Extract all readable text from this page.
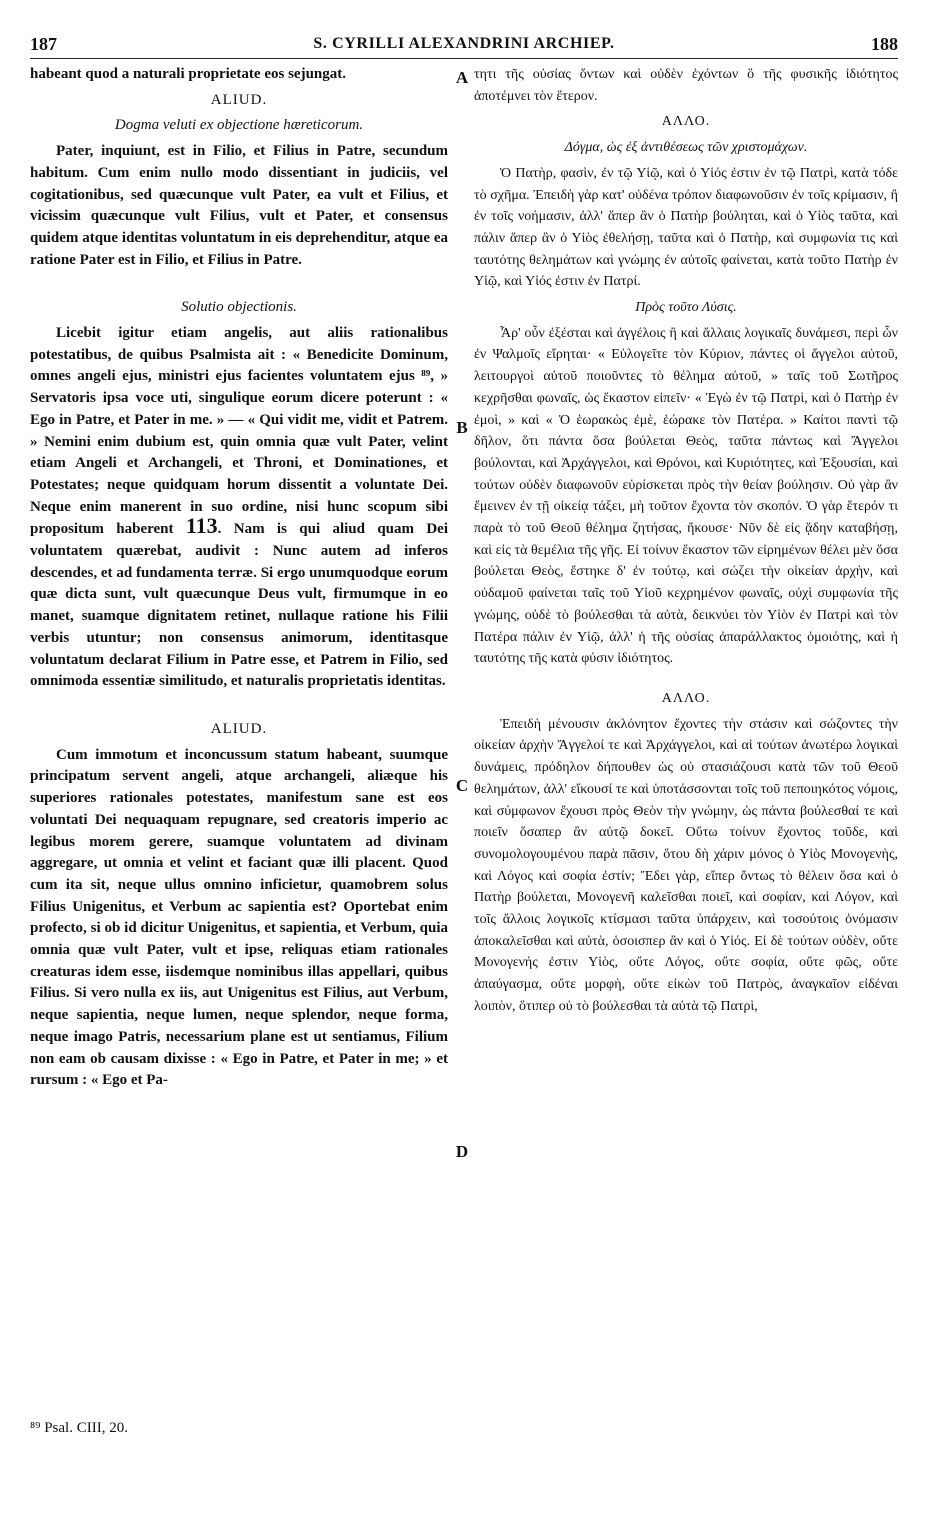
187	S. CYRILLI ALEXANDRINI ARCHIEP.	188

habeant quod a naturali proprietate eos sejungat.

ALIUD.

Dogma veluti ex objectione hæreticorum.

Pater, inquiunt, est in Filio, et Filius in Patre, secundum habitum. Cum enim nullo modo dissentiant in judiciis, vel cogitationibus, sed quæcunque vult Pater, ea vult et Filius, et vicissim quæcunque vult Filius, vult et Pater, et consensus quidem atque identitas voluntatum in eis deprehenditur, atque ea ratione Pater est in Filio, et Filius in Patre.

Solutio objectionis.

Licebit igitur etiam angelis, aut aliis rationalibus potestatibus, de quibus Psalmista ait : « Benedicite Dominum, omnes angeli ejus, ministri ejus facientes voluntatem ejus ⁸⁹, » Servatoris ipsa voce uti, singulique eorum dicere poterunt : « Ego in Patre, et Pater in me. » — « Qui vidit me, vidit et Patrem. » Nemini enim dubium est, quin omnia quæ vult Pater, velint etiam Angeli et Archangeli, et Throni, et Dominationes, et Potestates; neque quidquam horum dissentit a voluntate Dei. Neque enim manerent in suo ordine, nisi hunc scopum sibi propositum haberent 113. Nam is qui aliud quam Dei voluntatem quærebat, audivit : Nunc autem ad inferos descendes, et ad fundamenta terræ. Si ergo unumquodque eorum quæ dicta sunt, vult quæcunque Deus vult, firmumque in eo manet, suamque dignitatem retinet, nullaque ratione his Filii verbis utuntur; non consensus animorum, identitasque voluntatum declarat Filium in Patre esse, et Patrem in Filio, sed omnimoda essentiæ similitudo, et naturalis proprietatis identitas.

ALIUD.

Cum immotum et inconcussum statum habeant, suumque principatum servent angeli, atque archangeli, aliæque his superiores rationales potestates, manifestum sane est eos voluntati Dei nequaquam repugnare, sed creatoris imperio ac legibus morem gerere, suamque voluntatem ad divinam aggregare, ut omnia et velint et faciant quæ illi placent. Quod cum ita sit, neque ullus omnino inficietur, quamobrem solus Filius Unigenitus, et Verbum ac sapientia est? Oportebat enim profecto, si ob id dicitur Unigenitus, et sapientia, et Verbum, quia omnia quæ vult Pater, vult et ipse, reliquas etiam rationales creaturas idem esse, iisdemque nominibus illas appellari, quibus Filius. Si vero nulla ex iis, aut Unigenitus est Filius, aut Verbum, neque sapientia, neque lumen, neque splendor, neque forma, neque imago Patris, necessarium plane est ut sentiamus, Filium non eam ob causam dixisse : « Ego in Patre, et Pater in me; » et rursum : « Ego et Pa-

A
B
C
D

τητι τῆς οὐσίας ὄντων καὶ οὐδὲν ἐχόντων ὃ τῆς φυσικῆς ἰδιότητος ἀποτέμνει τὸν ἕτερον.

ΑΛΛΟ.

Δόγμα, ὡς ἐξ ἀντιθέσεως τῶν χριστομάχων.

Ὁ Πατὴρ, φασὶν, ἐν τῷ Υἱῷ, καὶ ὁ Υἱός ἐστιν ἐν τῷ Πατρὶ, κατὰ τόδε τὸ σχῆμα. Ἐπειδὴ γὰρ κατ' οὐδένα τρόπον διαφωνοῦσιν ἐν τοῖς κρίμασιν, ἢ ἐν τοῖς νοήμασιν, ἀλλ' ἅπερ ἂν ὁ Πατὴρ βούληται, καὶ ὁ Υἱὸς ταῦτα, καὶ πάλιν ἅπερ ἂν ὁ Υἱὸς ἐθελήσῃ, ταῦτα καὶ ὁ Πατὴρ, καὶ συμφωνία τις καὶ ταυτότης θελημάτων καὶ γνώμης ἐν αὐτοῖς φαίνεται, κατὰ τοῦτο Πατὴρ ἐν Υἱῷ, καὶ Υἱός ἐστιν ἐν Πατρί.

Πρὸς τοῦτο Λύσις.

Ἆρ' οὖν ἐξέσται καὶ ἀγγέλοις ἢ καὶ ἄλλαις λογικαῖς δυνάμεσι, περὶ ὧν ἐν Ψαλμοῖς εἴρηται· « Εὐλογεῖτε τὸν Κύριον, πάντες οἱ ἄγγελοι αὐτοῦ, λειτουργοὶ αὐτοῦ ποιοῦντες τὸ θέλημα αὐτοῦ, » ταῖς τοῦ Σωτῆρος κεχρῆσθαι φωναῖς, ὡς ἕκαστον εἰπεῖν· « Ἐγὼ ἐν τῷ Πατρὶ, καὶ ὁ Πατὴρ ἐν ἐμοὶ, » καὶ « Ὁ ἑωρακὼς ἐμὲ, ἑώρακε τὸν Πατέρα. » Καίτοι παντὶ τῷ δῆλον, ὅτι πάντα ὅσα βούλεται Θεὸς, ταῦτα πάντως καὶ Ἄγγελοι βούλονται, καὶ Ἀρχάγγελοι, καὶ Θρόνοι, καὶ Κυριότητες, καὶ Ἐξουσίαι, καὶ τούτων οὐδὲν διαφωνοῦν εὑρίσκεται πρὸς τὴν θείαν βούλησιν. Οὐ γὰρ ἂν ἔμεινεν ἐν τῇ οἰκείᾳ τάξει, μὴ τοῦτον ἔχοντα τὸν σκοπόν. Ὁ γὰρ ἕτερόν τι παρὰ τὸ τοῦ Θεοῦ θέλημα ζητήσας, ἤκουσε· Νῦν δὲ εἰς ᾅδην καταβήσῃ, καὶ εἰς τὰ θεμέλια τῆς γῆς. Εἰ τοίνυν ἕκαστον τῶν εἰρημένων θέλει μὲν ὅσα βούλεται Θεὸς, ἕστηκε δ' ἐν τούτῳ, καὶ σώζει τὴν οἰκείαν ἀρχὴν, καὶ οὐδαμοῦ φαίνεται ταῖς τοῦ Υἱοῦ κεχρημένον φωναῖς, οὐχὶ συμφωνία τῆς γνώμης, οὐδὲ τὸ βούλεσθαι τὰ αὐτὰ, δεικνύει τὸν Υἱὸν ἐν Πατρὶ καὶ τὸν Πατέρα πάλιν ἐν Υἱῷ, ἀλλ' ἡ τῆς οὐσίας ἀπαράλλακτος ὁμοιότης, καὶ ἡ ταυτότης τῆς κατὰ φύσιν ἰδιότητος.

ΑΛΛΟ.

Ἐπειδὴ μένουσιν ἀκλόνητον ἔχοντες τὴν στάσιν καὶ σώζοντες τὴν οἰκείαν ἀρχὴν Ἄγγελοί τε καὶ Ἀρχάγγελοι, καὶ αἱ τούτων ἀνωτέρω λογικαὶ δυνάμεις, πρόδηλον δήπουθεν ὡς οὐ στασιάζουσι κατὰ τῶν τοῦ Θεοῦ θελημάτων, ἀλλ' εἴκουσί τε καὶ ὑποτάσσονται τοῖς τοῦ πεποιηκότος νόμοις, καὶ σύμφωνον ἔχουσι πρὸς Θεὸν τὴν γνώμην, ὡς πάντα βούλεσθαί τε καὶ ποιεῖν ὅσαπερ ἂν αὐτῷ δοκεῖ. Οὕτω τοίνυν ἔχοντος τοῦδε, καὶ συνομολογουμένου παρὰ πᾶσιν, ὅτου δὴ χάριν μόνος ὁ Υἱὸς Μονογενὴς, καὶ Λόγος καὶ σοφία ἐστίν; Ἔδει γὰρ, εἴπερ ὄντως τὸ θέλειν ὅσα καὶ ὁ Πατὴρ βούλεται, Μονογενῆ καλεῖσθαι ποιεῖ, καὶ σοφίαν, καὶ Λόγον, καὶ τοῖς ἄλλοις λογικοῖς κτίσμασι ταῦτα ὑπάρχειν, καὶ τοσούτοις ὀνόμασιν ἀποκαλεῖσθαι καὶ αὐτὰ, ὁσοισπερ ἂν καὶ ὁ Υἱός. Εἰ δὲ τούτων οὐδὲν, οὔτε Μονογενής ἐστιν Υἱὸς, οὔτε Λόγος, οὔτε σοφία, οὔτε φῶς, οὔτε ἀπαύγασμα, οὔτε μορφὴ, οὔτε εἰκὼν τοῦ Πατρὸς, ἀναγκαῖον εἰδέναι λοιπὸν, ὅτιπερ οὐ τὸ βούλεσθαι τὰ αὐτὰ τῷ Πατρὶ,

⁸⁹ Psal. CIII, 20.
